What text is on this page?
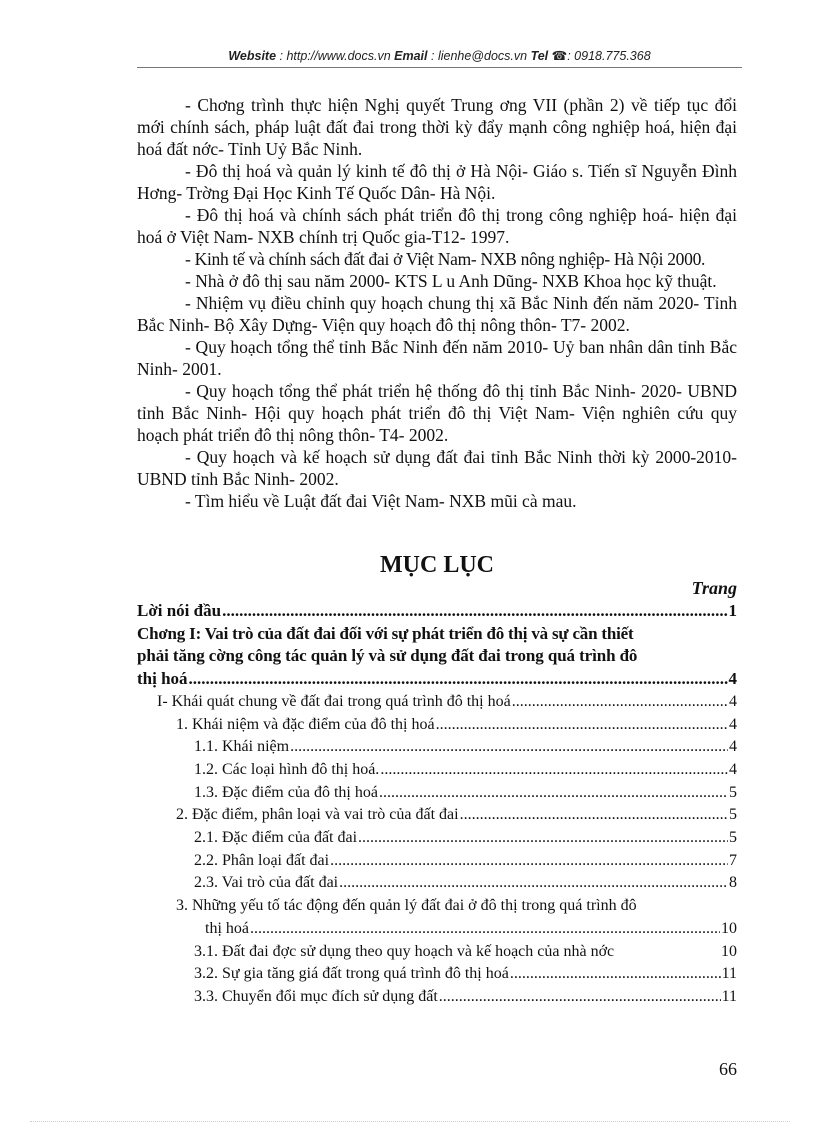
Website : http://www.docs.vn Email : lienhe@docs.vn Tel ☎: 0918.775.368

- Chơng trình thực hiện Nghị quyết Trung ơng VII (phần 2) về tiếp tục đổi mới chính sách, pháp luật đất đai trong thời kỳ đẩy mạnh công nghiệp hoá, hiện đại hoá đất nớc- Tỉnh Uỷ Bắc Ninh.

- Đô thị hoá và quản lý kinh tế đô thị ở Hà Nội- Giáo s. Tiến sĩ Nguyễn Đình Hơng- Trờng Đại Học Kinh Tế Quốc Dân- Hà Nội.

- Đô thị hoá và chính sách phát triển đô thị trong công nghiệp hoá- hiện đại hoá ở Việt Nam- NXB chính trị Quốc gia-T12- 1997.

- Kinh tế và chính sách đất đai ở Việt Nam- NXB nông nghiệp- Hà Nội 2000.

- Nhà ở đô thị sau năm 2000- KTS L u Anh Dũng- NXB Khoa học kỹ thuật.

- Nhiệm vụ điều chỉnh quy hoạch chung thị xã Bắc Ninh đến năm 2020- Tỉnh Bắc Ninh- Bộ Xây Dựng- Viện quy hoạch đô thị nông thôn- T7- 2002.

- Quy hoạch tổng thể tỉnh Bắc Ninh đến năm 2010- Uỷ ban nhân dân tỉnh Bắc Ninh- 2001.

- Quy hoạch tổng thể phát triển hệ thống đô thị tỉnh Bắc Ninh- 2020- UBND tỉnh Bắc Ninh- Hội quy hoạch phát triển đô thị Việt Nam- Viện nghiên cứu quy hoạch phát triển đô thị nông thôn- T4- 2002.

- Quy hoạch và kế hoạch sử dụng đất đai tỉnh Bắc Ninh thời kỳ 2000-2010- UBND tỉnh Bắc Ninh- 2002.

- Tìm hiểu về Luật đất đai Việt Nam- NXB mũi cà mau.

MỤC LỤC
Trang
Lời nói đầu .....	1
Chơng I: Vai trò của đất đai đối với sự phát triển đô thị và sự cần thiết
phải tăng cờng công tác quản lý và sử dụng đất đai trong quá trình đô
thị hoá .....	4
I- Khái quát chung về đất đai trong quá trình đô thị hoá .....	4
1. Khái niệm và đặc điểm của đô thị hoá .....	4
1.1. Khái niệm .....	4
1.2. Các loại hình đô thị hoá. .....	4
1.3. Đặc điểm của đô thị hoá .....	5
2. Đặc điểm, phân loại và vai trò của đất đai .....	5
2.1. Đặc điểm của đất đai .....	5
2.2. Phân loại đất đai .....	7
2.3. Vai trò của đất đai .....	8
3. Những yếu tố tác động đến quản lý đất đai ở đô thị trong quá trình đô
thị hoá .....	10
3.1. Đất đai đợc sử dụng theo quy hoạch và kế hoạch của nhà nớc	10
3.2. Sự gia tăng giá đất trong quá trình đô thị hoá .....	11
3.3. Chuyển đổi mục đích sử dụng đất .....	11
66
